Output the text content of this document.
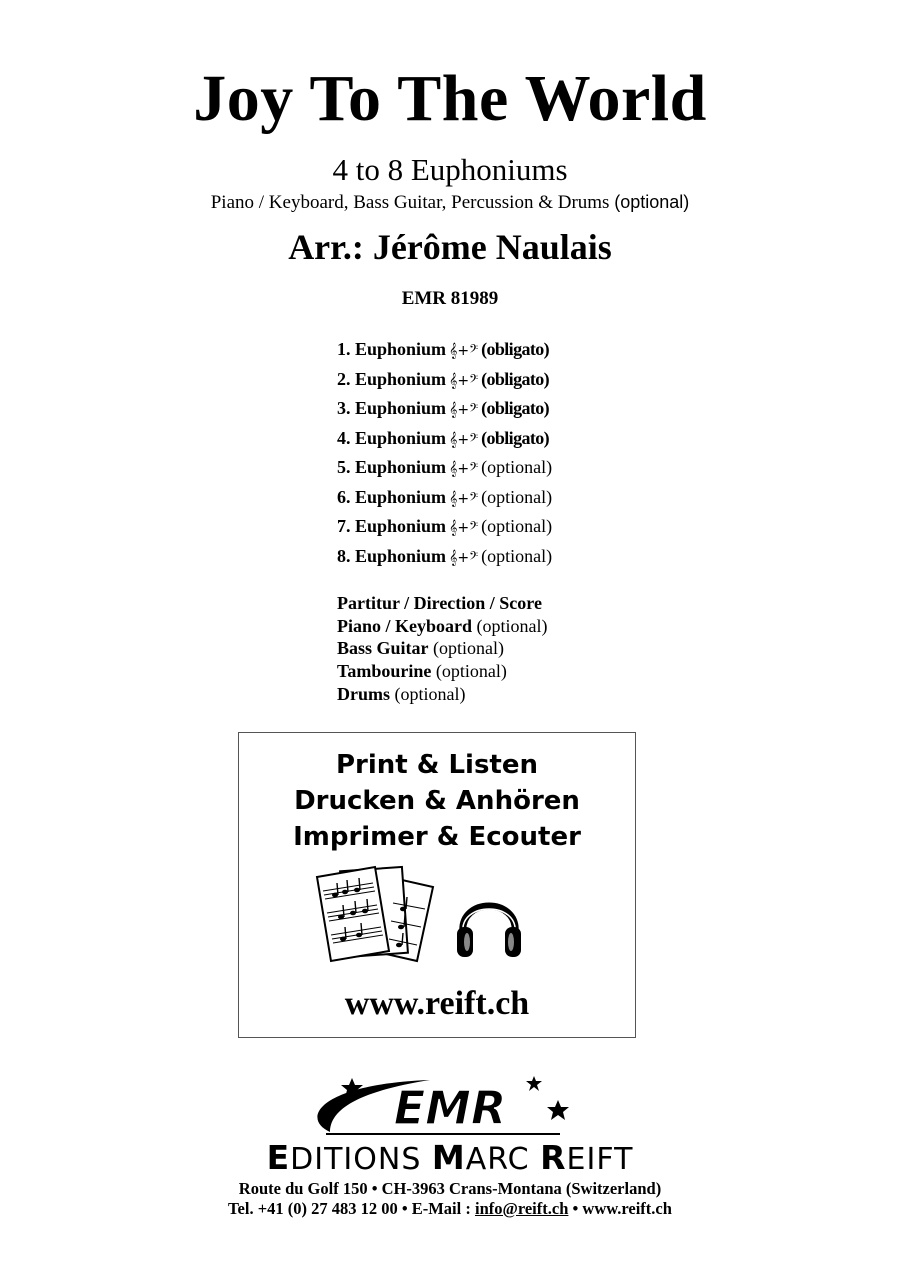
Joy To The World
4 to 8 Euphoniums
Piano / Keyboard, Bass Guitar, Percussion & Drums (optional)
Arr.: Jérôme Naulais
EMR 81989
1. Euphonium 𝄞+𝄢 (obligato)
2. Euphonium 𝄞+𝄢 (obligato)
3. Euphonium 𝄞+𝄢 (obligato)
4. Euphonium 𝄞+𝄢 (obligato)
5. Euphonium 𝄞+𝄢 (optional)
6. Euphonium 𝄞+𝄢 (optional)
7. Euphonium 𝄞+𝄢 (optional)
8. Euphonium 𝄞+𝄢 (optional)
Partitur / Direction / Score
Piano / Keyboard (optional)
Bass Guitar (optional)
Tambourine (optional)
Drums (optional)
Print & Listen
Drucken & Anhören
Imprimer & Ecouter
www.reift.ch
EMR
EDITIONS MARC REIFT
Route du Golf 150 • CH-3963 Crans-Montana (Switzerland)
Tel. +41 (0) 27 483 12 00 • E-Mail : info@reift.ch • www.reift.ch
